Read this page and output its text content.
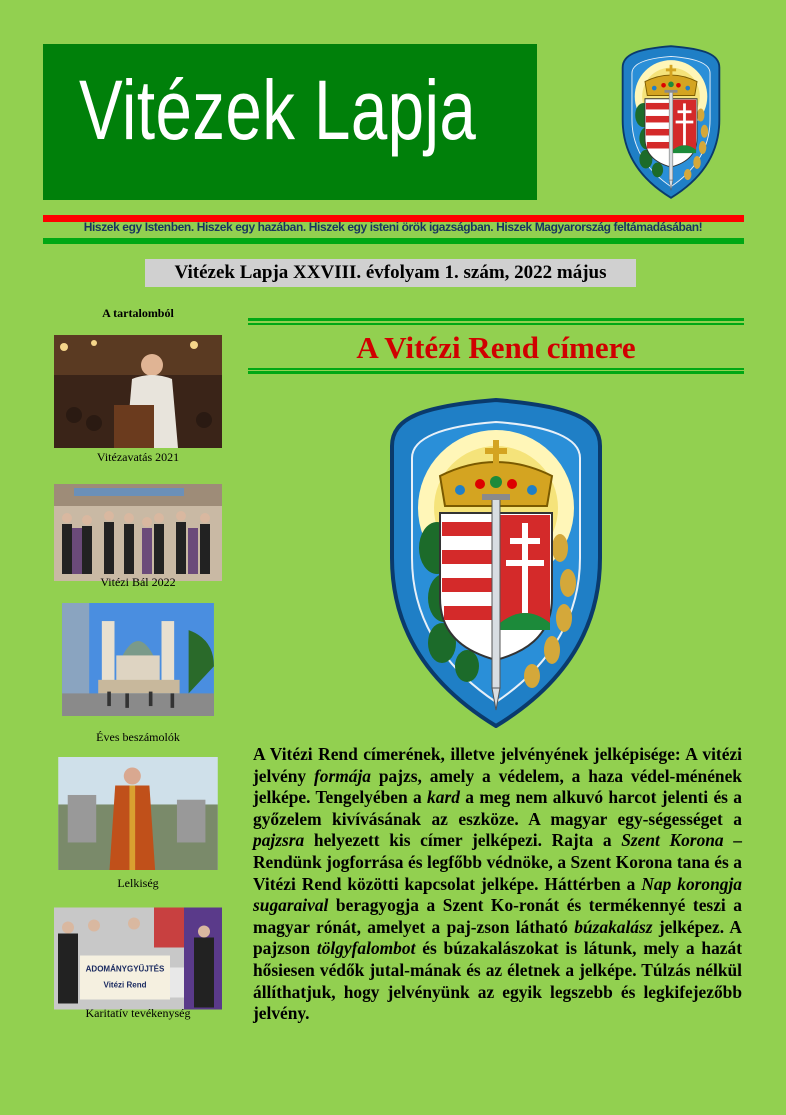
Vitézek Lapja
Hiszek egy Istenben. Hiszek egy hazában. Hiszek egy isteni örök igazságban. Hiszek Magyarország feltámadásában!
Vitézek Lapja XXVIII. évfolyam 1. szám, 2022 május
A tartalomból
Vitézavatás 2021
Vitézi Bál 2022
Éves beszámolók
Lelkiség
ADOMÁNYGYŰJTÉS
Vitézi Rend
Karitatív tevékenység
A Vitézi Rend címere

A Vitézi Rend címerének, illetve jelvényének jelképisége: A vitézi jelvény formája pajzs, amely a védelem, a haza védel-ménének jelképe. Tengelyében a kard a meg nem alkuvó harcot jelenti és a győzelem kivívásának az eszköze. A magyar egy-ségességet a pajzsra helyezett kis címer jelképezi. Rajta a Szent Korona – Rendünk jogforrása és legfőbb védnöke, a Szent Korona tana és a Vitézi Rend közötti kapcsolat jelképe. Háttérben a Nap korongja sugaraival beragyogja a Szent Ko-ronát és termékennyé teszi a magyar rónát, amelyet a paj-zson látható búzakalász jelképez. A pajzson tölgyfalombot és búzakalászokat is látunk, mely a hazát hősiesen védők jutal-mának és az életnek a jelképe. Túlzás nélkül állíthatjuk, hogy jelvényünk az egyik legszebb és legkifejezőbb jelvény.
